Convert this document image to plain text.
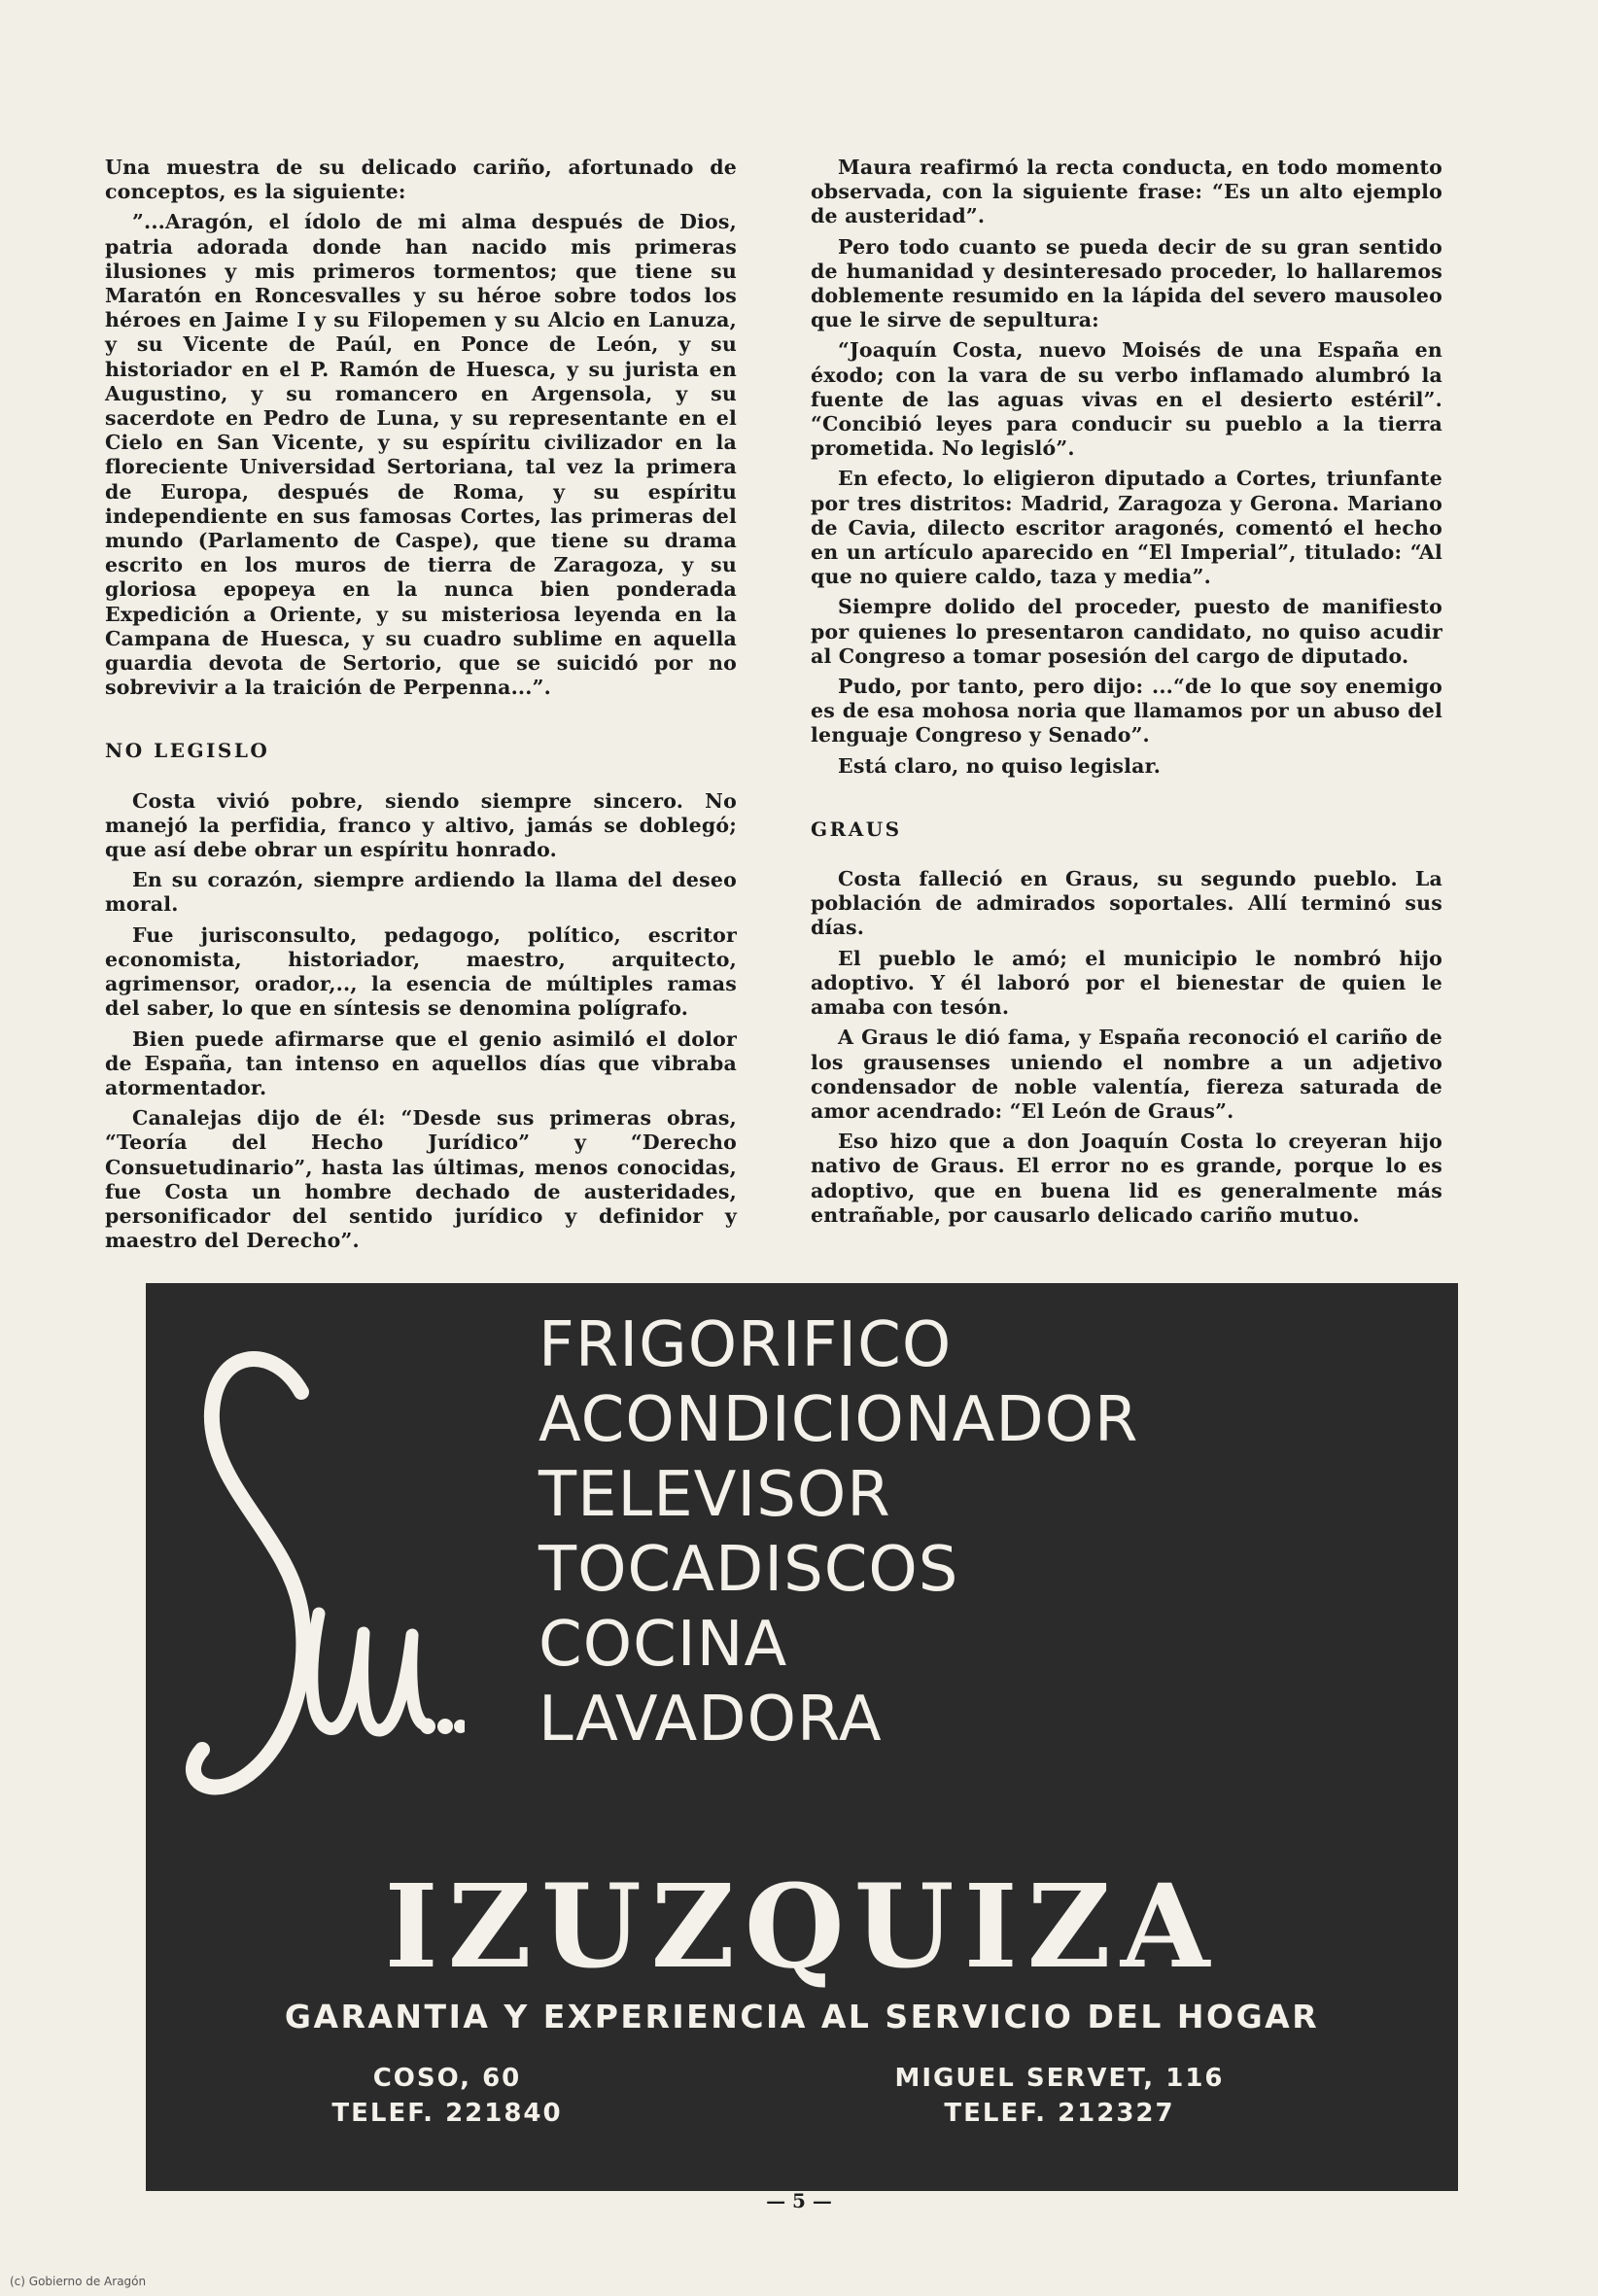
Una muestra de su delicado cariño, afortunado de conceptos, es la siguiente:

”...Aragón, el ídolo de mi alma después de Dios, patria adorada donde han nacido mis primeras ilusiones y mis primeros tormentos; que tiene su Maratón en Roncesvalles y su héroe sobre todos los héroes en Jaime I y su Filopemen y su Alcio en Lanuza, y su Vicente de Paúl, en Ponce de León, y su historiador en el P. Ramón de Huesca, y su jurista en Augustino, y su romancero en Argensola, y su sacerdote en Pedro de Luna, y su representante en el Cielo en San Vicente, y su espíritu civilizador en la floreciente Universidad Sertoriana, tal vez la primera de Europa, después de Roma, y su espíritu independiente en sus famosas Cortes, las primeras del mundo (Parlamento de Caspe), que tiene su drama escrito en los muros de tierra de Zaragoza, y su gloriosa epopeya en la nunca bien ponderada Expedición a Oriente, y su misteriosa leyenda en la Campana de Huesca, y su cuadro sublime en aquella guardia devota de Sertorio, que se suicidó por no sobrevivir a la traición de Perpenna...”.

NO LEGISLO

Costa vivió pobre, siendo siempre sincero. No manejó la perfidia, franco y altivo, jamás se doblegó; que así debe obrar un espíritu honrado.

En su corazón, siempre ardiendo la llama del deseo moral.

Fue jurisconsulto, pedagogo, político, escritor economista, historiador, maestro, arquitecto, agrimensor, orador,.., la esencia de múltiples ramas del saber, lo que en síntesis se denomina polígrafo.

Bien puede afirmarse que el genio asimiló el dolor de España, tan intenso en aquellos días que vibraba atormentador.

Canalejas dijo de él: “Desde sus primeras obras, “Teoría del Hecho Jurídico” y “Derecho Consuetudinario”, hasta las últimas, menos conocidas, fue Costa un hombre dechado de austeridades, personificador del sentido jurídico y definidor y maestro del Derecho”.

Maura reafirmó la recta conducta, en todo momento observada, con la siguiente frase: “Es un alto ejemplo de austeridad”.

Pero todo cuanto se pueda decir de su gran sentido de humanidad y desinteresado proceder, lo hallaremos doblemente resumido en la lápida del severo mausoleo que le sirve de sepultura:

“Joaquín Costa, nuevo Moisés de una España en éxodo; con la vara de su verbo inflamado alumbró la fuente de las aguas vivas en el desierto estéril”. “Concibió leyes para conducir su pueblo a la tierra prometida. No legisló”.

En efecto, lo eligieron diputado a Cortes, triunfante por tres distritos: Madrid, Zaragoza y Gerona. Mariano de Cavia, dilecto escritor aragonés, comentó el hecho en un artículo aparecido en “El Imperial”, titulado: “Al que no quiere caldo, taza y media”.

Siempre dolido del proceder, puesto de manifiesto por quienes lo presentaron candidato, no quiso acudir al Congreso a tomar posesión del cargo de diputado.

Pudo, por tanto, pero dijo: ...“de lo que soy enemigo es de esa mohosa noria que llamamos por un abuso del lenguaje Congreso y Senado”.

Está claro, no quiso legislar.

GRAUS

Costa falleció en Graus, su segundo pueblo. La población de admirados soportales. Allí terminó sus días.

El pueblo le amó; el municipio le nombró hijo adoptivo. Y él laboró por el bienestar de quien le amaba con tesón.

A Graus le dió fama, y España reconoció el cariño de los grausenses uniendo el nombre a un adjetivo condensador de noble valentía, fiereza saturada de amor acendrado: “El León de Graus”.

Eso hizo que a don Joaquín Costa lo creyeran hijo nativo de Graus. El error no es grande, porque lo es adoptivo, que en buena lid es generalmente más entrañable, por causarlo delicado cariño mutuo.

FRIGORIFICO
ACONDICIONADOR
TELEVISOR
TOCADISCOS
COCINA
LAVADORA
IZUZQUIZA
GARANTIA Y EXPERIENCIA AL SERVICIO DEL HOGAR
COSO, 60
TELEF. 221840
MIGUEL SERVET, 116
TELEF. 212327
— 5 —
(c) Gobierno de Aragón
